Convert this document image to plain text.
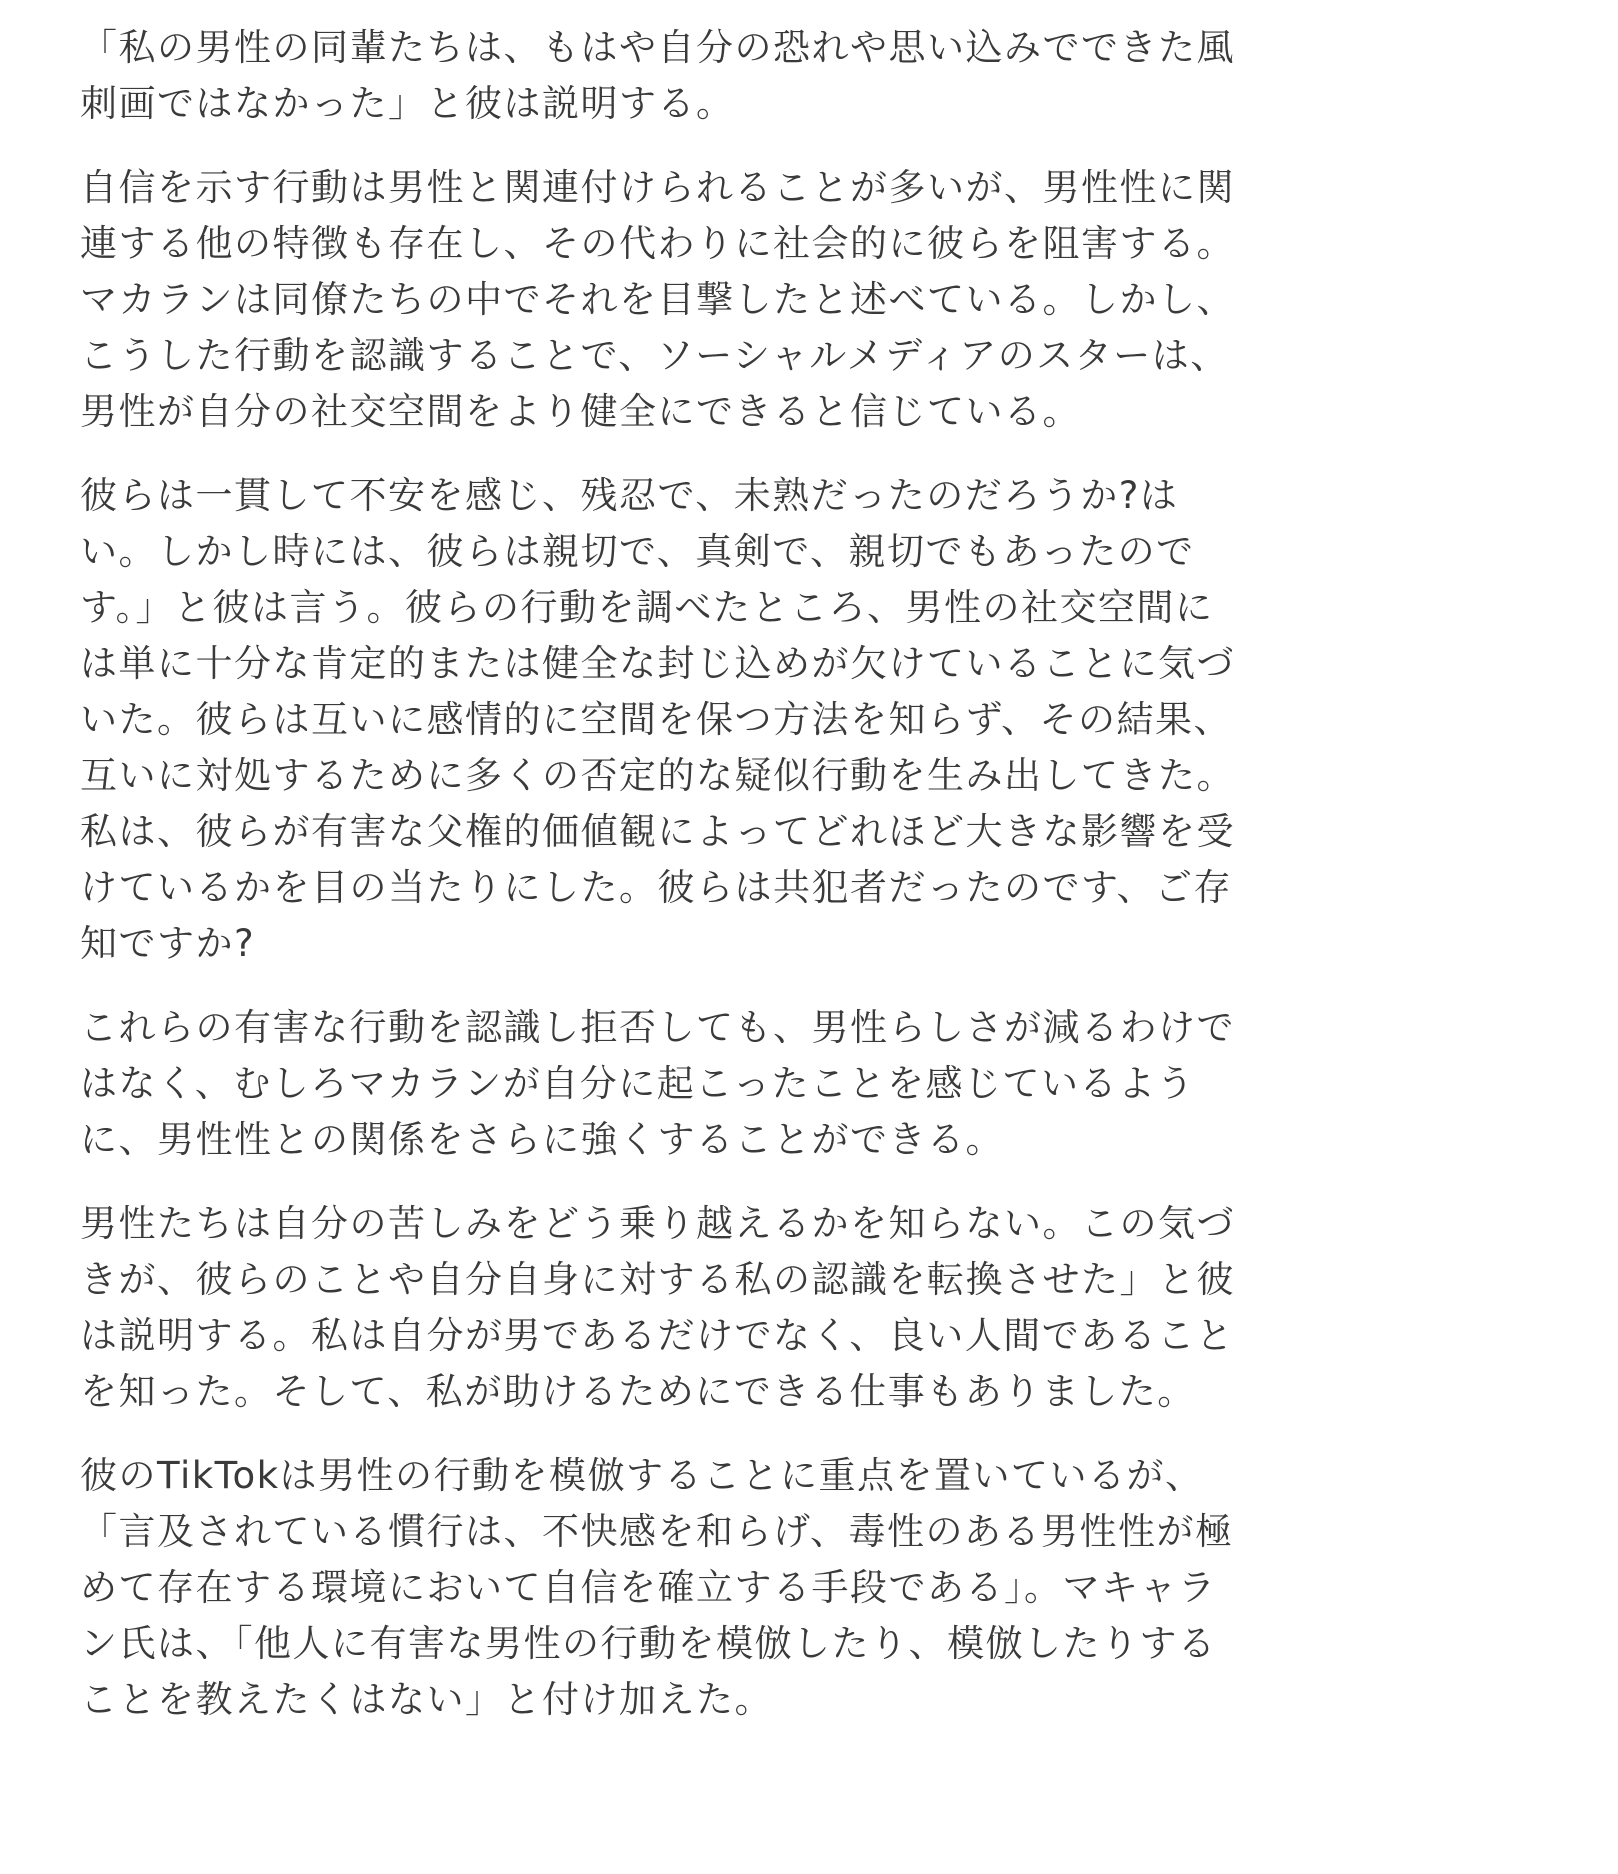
「私の男性の同輩たちは、もはや自分の恐れや思い込みでできた風刺画ではなかった」と彼は説明する。

自信を示す行動は男性と関連付けられることが多いが、男性性に関連する他の特徴も存在し、その代わりに社会的に彼らを阻害する。マカランは同僚たちの中でそれを目撃したと述べている。しかし、こうした行動を認識することで、ソーシャルメディアのスターは、男性が自分の社交空間をより健全にできると信じている。

彼らは一貫して不安を感じ、残忍で、未熟だったのだろうか?はい。しかし時には、彼らは親切で、真剣で、親切でもあったのです。」と彼は言う。彼らの行動を調べたところ、男性の社交空間には単に十分な肯定的または健全な封じ込めが欠けていることに気づいた。彼らは互いに感情的に空間を保つ方法を知らず、その結果、互いに対処するために多くの否定的な疑似行動を生み出してきた。私は、彼らが有害な父権的価値観によってどれほど大きな影響を受けているかを目の当たりにした。彼らは共犯者だったのです、ご存知ですか?

これらの有害な行動を認識し拒否しても、男性らしさが減るわけではなく、むしろマカランが自分に起こったことを感じているように、男性性との関係をさらに強くすることができる。

男性たちは自分の苦しみをどう乗り越えるかを知らない。この気づきが、彼らのことや自分自身に対する私の認識を転換させた」と彼は説明する。私は自分が男であるだけでなく、良い人間であることを知った。そして、私が助けるためにできる仕事もありました。

彼のTikTokは男性の行動を模倣することに重点を置いているが、「言及されている慣行は、不快感を和らげ、毒性のある男性性が極めて存在する環境において自信を確立する手段である」。マキャラン氏は、「他人に有害な男性の行動を模倣したり、模倣したりすることを教えたくはない」と付け加えた。
